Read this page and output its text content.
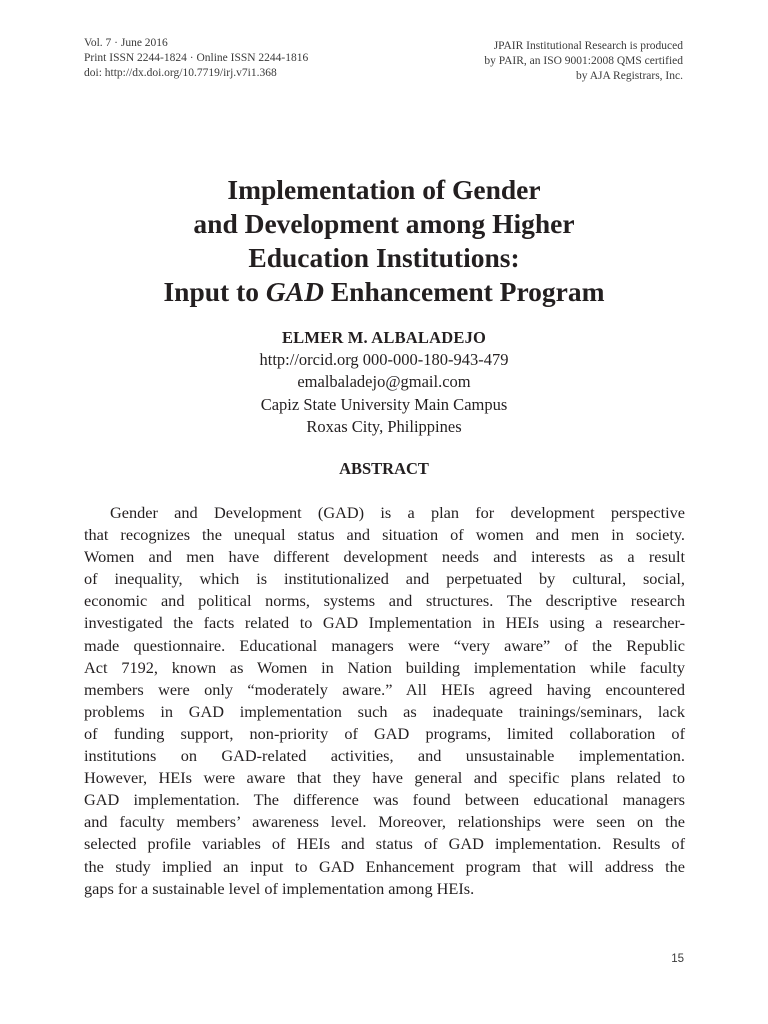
Vol. 7 · June 2016
Print ISSN 2244-1824 · Online ISSN 2244-1816
doi: http://dx.doi.org/10.7719/irj.v7i1.368
JPAIR Institutional Research is produced
by PAIR, an ISO 9001:2008 QMS certified
by AJA Registrars, Inc.
Implementation of Gender
and Development among Higher
Education Institutions:
Input to GAD Enhancement Program
ELMER M. ALBALADEJO
http://orcid.org 000-000-180-943-479
emalbaladejo@gmail.com
Capiz State University Main Campus
Roxas City, Philippines
ABSTRACT
Gender and Development (GAD) is a plan for development perspective
that recognizes the unequal status and situation of women and men in society.
Women and men have different development needs and interests as a result
of inequality, which is institutionalized and perpetuated by cultural, social,
economic and political norms, systems and structures. The descriptive research
investigated the facts related to GAD Implementation in HEIs using a researcher-
made questionnaire. Educational managers were “very aware” of the Republic
Act 7192, known as Women in Nation building implementation while faculty
members were only “moderately aware.” All HEIs agreed having encountered
problems in GAD implementation such as inadequate trainings/seminars, lack
of funding support, non-priority of GAD programs, limited collaboration of
institutions on GAD-related activities, and unsustainable implementation.
However, HEIs were aware that they have general and specific plans related to
GAD implementation. The difference was found between educational managers
and faculty members’ awareness level. Moreover, relationships were seen on the
selected profile variables of HEIs and status of GAD implementation. Results of
the study implied an input to GAD Enhancement program that will address the
gaps for a sustainable level of implementation among HEIs.
15
